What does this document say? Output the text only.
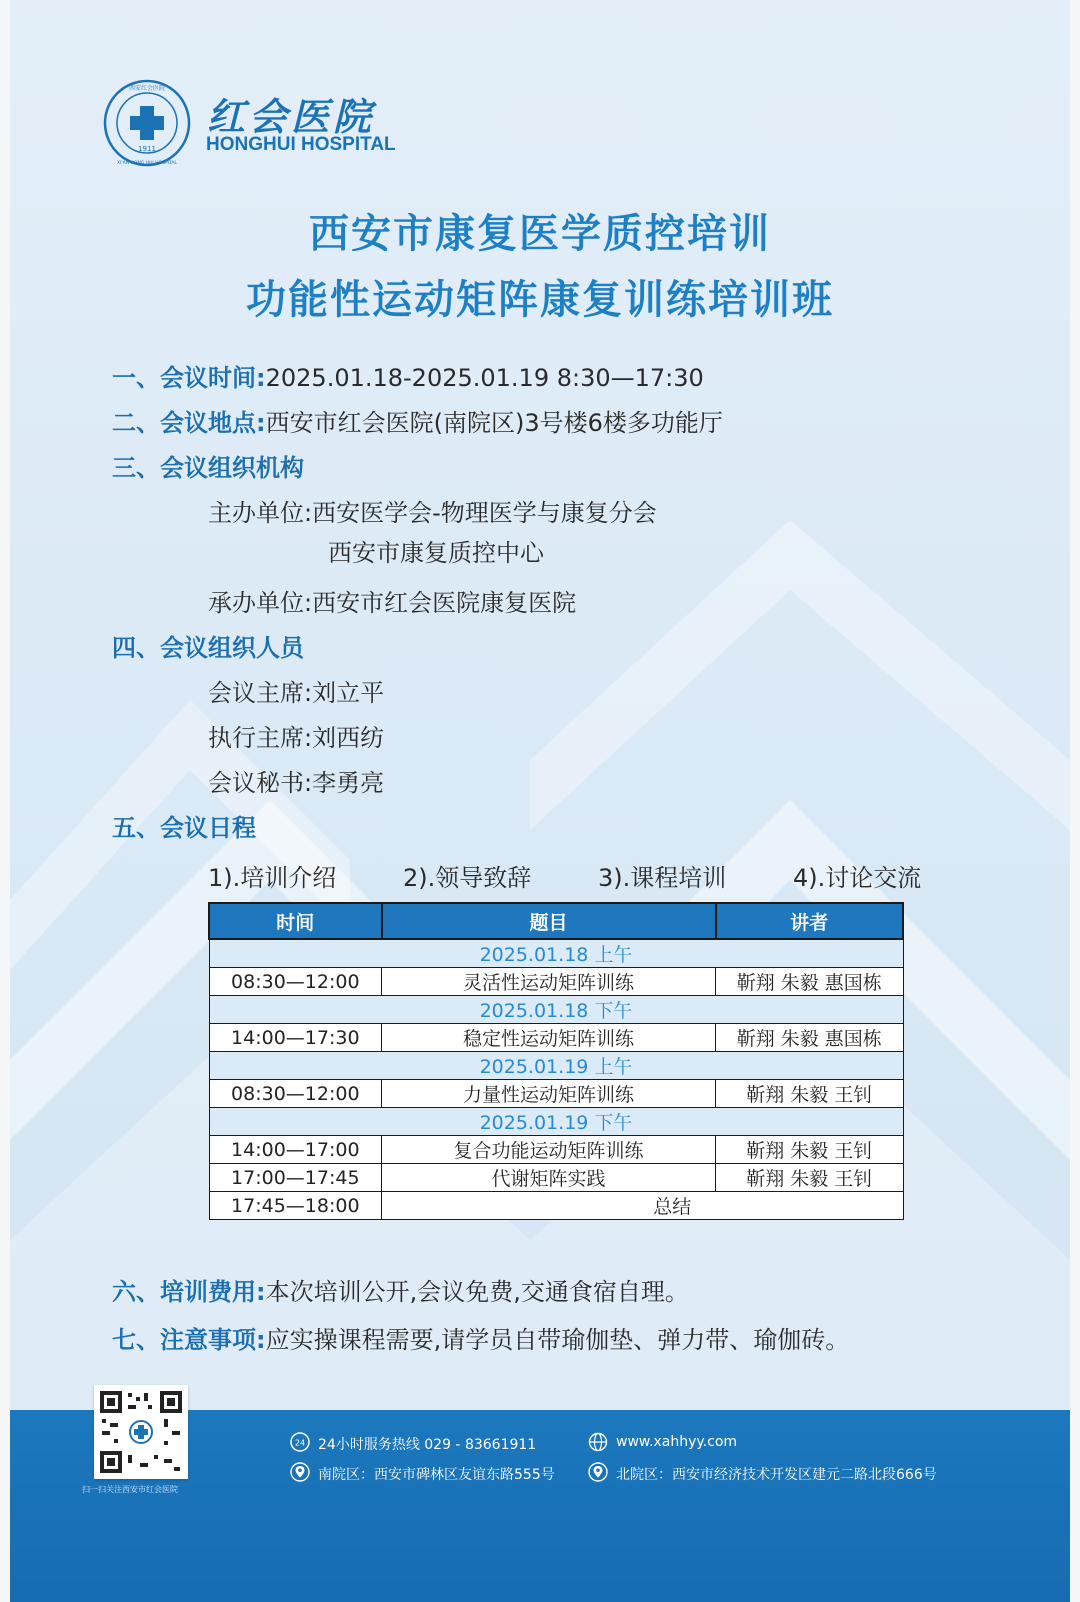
1911
西安红会医院
XI'AN HONG HUI HOSPITAL
红会医院
HONGHUI HOSPITAL
西安市康复医学质控培训
功能性运动矩阵康复训练培训班
一、会议时间:2025.01.18-2025.01.19 8:30—17:30
二、会议地点:西安市红会医院(南院区)3号楼6楼多功能厅
三、会议组织机构
主办单位:西安医学会-物理医学与康复分会
西安市康复质控中心
承办单位:西安市红会医院康复医院
四、会议组织人员
会议主席:刘立平
执行主席:刘西纺
会议秘书:李勇亮
五、会议日程
1).培训介绍	2).领导致辞	3).课程培训	4).讨论交流
时间	题目	讲者
2025.01.18 上午		
08:30—12:00	灵活性运动矩阵训练	靳翔 朱毅 惠国栋
2025.01.18 下午		
14:00—17:30	稳定性运动矩阵训练	靳翔 朱毅 惠国栋
2025.01.19 上午		
08:30—12:00	力量性运动矩阵训练	靳翔 朱毅 王钊
2025.01.19 下午		
14:00—17:00	复合功能运动矩阵训练	靳翔 朱毅 王钊
17:00—17:45	代谢矩阵实践	靳翔 朱毅 王钊
17:45—18:00	总结	
六、培训费用:本次培训公开,会议免费,交通食宿自理。
七、注意事项:应实操课程需要,请学员自带瑜伽垫、弹力带、瑜伽砖。
扫一扫关注西安市红会医院
24 24小时服务热线 029 - 83661911	www.xahhyy.com
南院区：西安市碑林区友谊东路555号	北院区：西安市经济技术开发区建元二路北段666号
